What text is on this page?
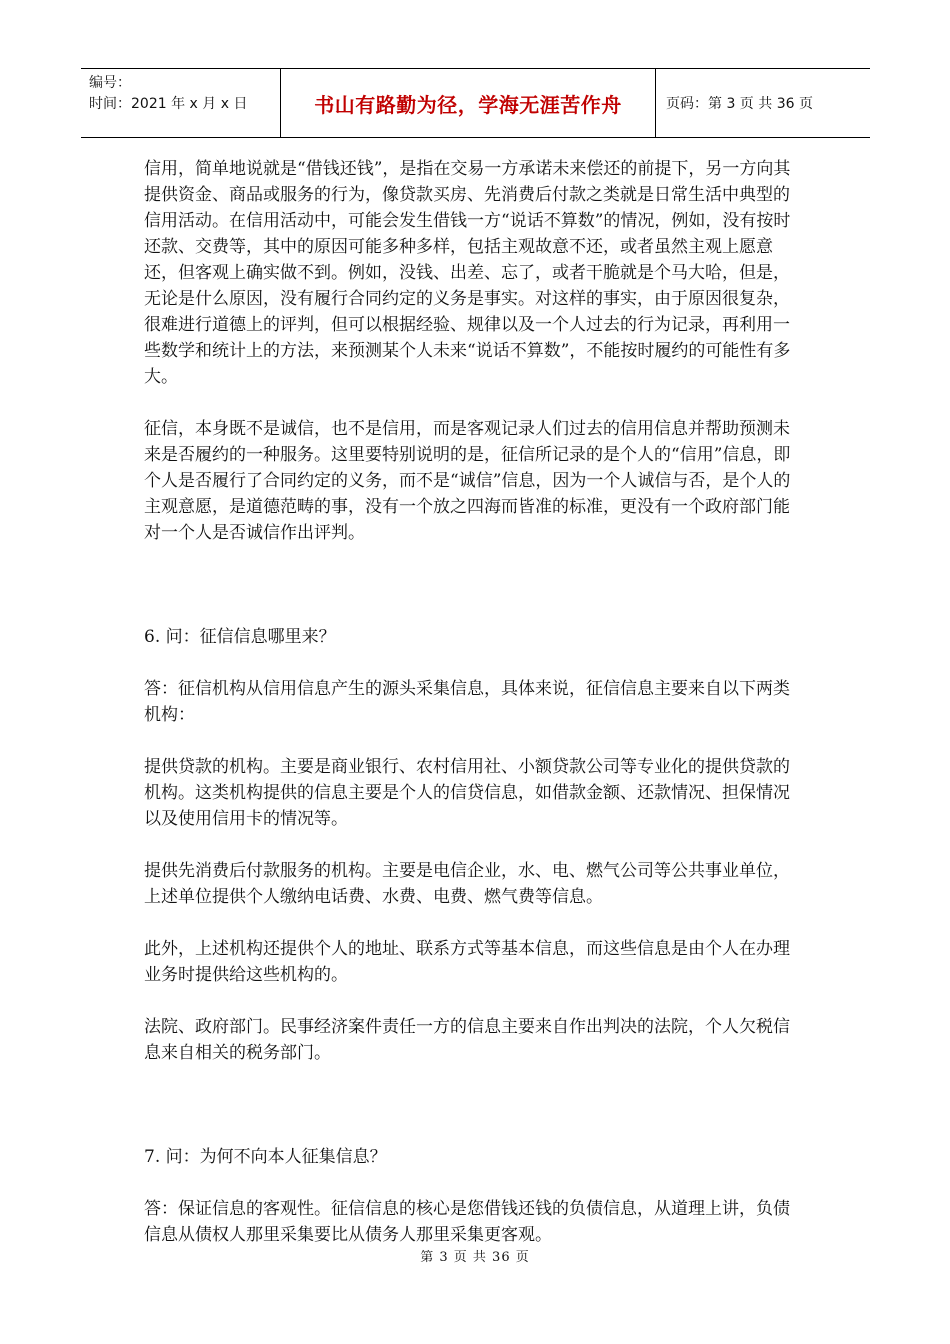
编号：
时间：2021 年 x 月 x 日	书山有路勤为径，学海无涯苦作舟	页码：第 3 页 共 36 页

信用，简单地说就是“借钱还钱”，是指在交易一方承诺未来偿还的前提下，另一方向其提供资金、商品或服务的行为，像贷款买房、先消费后付款之类就是日常生活中典型的信用活动。在信用活动中，可能会发生借钱一方“说话不算数”的情况，例如，没有按时还款、交费等，其中的原因可能多种多样，包括主观故意不还，或者虽然主观上愿意还，但客观上确实做不到。例如，没钱、出差、忘了，或者干脆就是个马大哈，但是，无论是什么原因，没有履行合同约定的义务是事实。对这样的事实，由于原因很复杂，很难进行道德上的评判，但可以根据经验、规律以及一个人过去的行为记录，再利用一些数学和统计上的方法，来预测某个人未来“说话不算数”，不能按时履约的可能性有多大。

征信，本身既不是诚信，也不是信用，而是客观记录人们过去的信用信息并帮助预测未来是否履约的一种服务。这里要特别说明的是，征信所记录的是个人的“信用”信息，即个人是否履行了合同约定的义务，而不是“诚信”信息，因为一个人诚信与否，是个人的主观意愿，是道德范畴的事，没有一个放之四海而皆准的标准，更没有一个政府部门能对一个人是否诚信作出评判。

6. 问：征信信息哪里来？

答：征信机构从信用信息产生的源头采集信息，具体来说，征信信息主要来自以下两类机构：

提供贷款的机构。主要是商业银行、农村信用社、小额贷款公司等专业化的提供贷款的机构。这类机构提供的信息主要是个人的信贷信息，如借款金额、还款情况、担保情况以及使用信用卡的情况等。

提供先消费后付款服务的机构。主要是电信企业，水、电、燃气公司等公共事业单位，上述单位提供个人缴纳电话费、水费、电费、燃气费等信息。

此外，上述机构还提供个人的地址、联系方式等基本信息，而这些信息是由个人在办理业务时提供给这些机构的。

法院、政府部门。民事经济案件责任一方的信息主要来自作出判决的法院，个人欠税信息来自相关的税务部门。

7. 问：为何不向本人征集信息？

答：保证信息的客观性。征信信息的核心是您借钱还钱的负债信息，从道理上讲，负债信息从债权人那里采集要比从债务人那里采集更客观。

第 3 页 共 36 页
